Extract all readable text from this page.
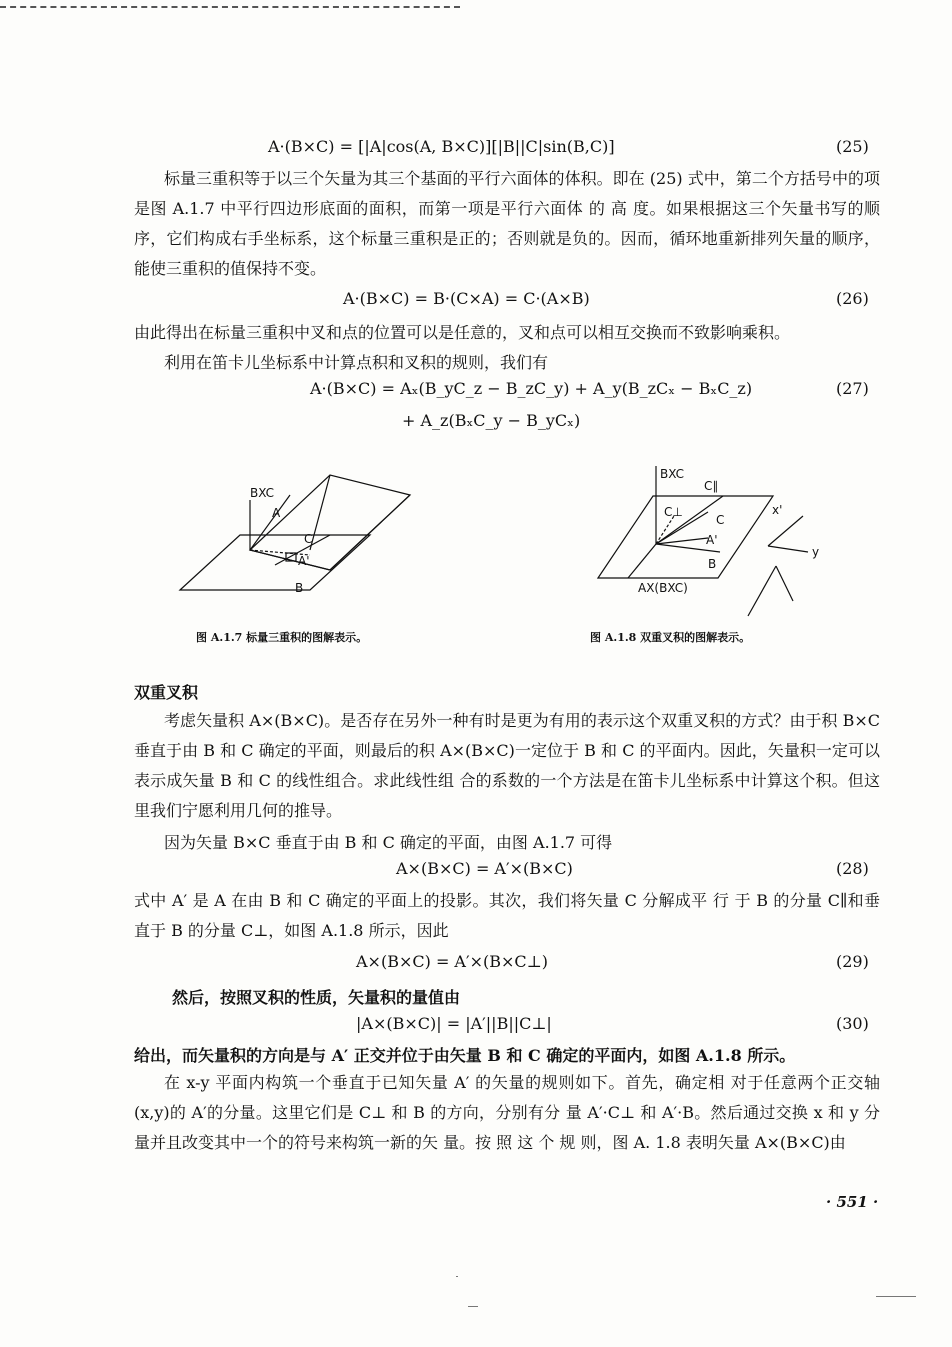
A·(B×C) = [|A|cos(A, B×C)][|B||C|sin(B,C)]	(25)
标量三重积等于以三个矢量为其三个基面的平行六面体的体积。即在 (25) 式中，第二个方括号中的项是图 A.1.7 中平行四边形底面的面积，而第一项是平行六面体 的 高 度。如果根据这三个矢量书写的顺序，它们构成右手坐标系，这个标量三重积是正的；否则就是负的。因而，循环地重新排列矢量的顺序，能使三重积的值保持不变。
A·(B×C) = B·(C×A) = C·(A×B)	(26)
由此得出在标量三重积中叉和点的位置可以是任意的，叉和点可以相互交换而不致影响乘积。
利用在笛卡儿坐标系中计算点积和叉积的规则，我们有
A·(B×C) = Aₓ(B_yC_z − B_zC_y) + A_y(B_zCₓ − BₓC_z)	(27)
+ A_z(BₓC_y − B_yCₓ)
BXC
A
C
A'
B
图 A.1.7 标量三重积的图解表示。
BXC
C∥
C⊥
C
A'
B
AX(BXC)
x'
y
图 A.1.8 双重叉积的图解表示。
双重叉积
考虑矢量积 A×(B×C)。是否存在另外一种有时是更为有用的表示这个双重叉积的方式？由于积 B×C垂直于由 B 和 C 确定的平面，则最后的积 A×(B×C)一定位于 B 和 C 的平面内。因此，矢量积一定可以表示成矢量 B 和 C 的线性组合。求此线性组 合的系数的一个方法是在笛卡儿坐标系中计算这个积。但这里我们宁愿利用几何的推导。
因为矢量 B×C 垂直于由 B 和 C 确定的平面，由图 A.1.7 可得
A×(B×C) = A′×(B×C)	(28)
式中 A′ 是 A 在由 B 和 C 确定的平面上的投影。其次，我们将矢量 C 分解成平 行 于 B 的分量 C∥和垂直于 B 的分量 C⊥，如图 A.1.8 所示，因此
A×(B×C) = A′×(B×C⊥)	(29)
然后，按照叉积的性质，矢量积的量值由
|A×(B×C)| = |A′||B||C⊥|	(30)
给出，而矢量积的方向是与 A′ 正交并位于由矢量 B 和 C 确定的平面内，如图 A.1.8 所示。
在 x-y 平面内构筑一个垂直于已知矢量 A′ 的矢量的规则如下。首先，确定相 对于任意两个正交轴(x,y)的 A′的分量。这里它们是 C⊥ 和 B 的方向，分别有分 量 A′·C⊥ 和 A′·B。然后通过交换 x 和 y 分量并且改变其中一个的符号来构筑一新的矢 量。按 照 这 个 规 则，图 A. 1.8 表明矢量 A×(B×C)由
· 551 ·
